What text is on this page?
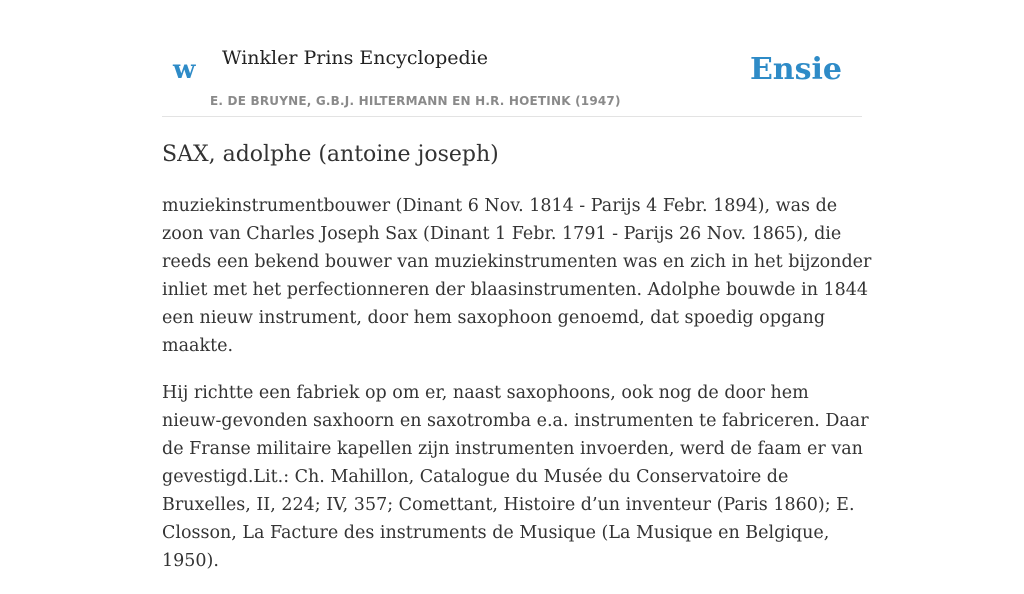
w Winkler Prins Encyclopedie
E. DE BRUYNE, G.B.J. HILTERMANN EN H.R. HOETINK (1947)
Ensie
SAX, adolphe (antoine joseph)

muziekinstrumentbouwer (Dinant 6 Nov. 1814 - Parijs 4 Febr. 1894), was de zoon van Charles Joseph Sax (Dinant 1 Febr. 1791 - Parijs 26 Nov. 1865), die reeds een bekend bouwer van muziekinstrumenten was en zich in het bijzonder inliet met het perfectionneren der blaasinstrumenten. Adolphe bouwde in 1844 een nieuw instrument, door hem saxophoon genoemd, dat spoedig opgang maakte.

Hij richtte een fabriek op om er, naast saxophoons, ook nog de door hem nieuw-gevonden saxhoorn en saxotromba e.a. instrumenten te fabriceren. Daar de Franse militaire kapellen zijn instrumenten invoerden, werd de faam er van gevestigd.Lit.: Ch. Mahillon, Catalogue du Musée du Conservatoire de Bruxelles, II, 224; IV, 357; Comettant, Histoire d’un inventeur (Paris 1860); E. Closson, La Facture des instruments de Musique (La Musique en Belgique, 1950).
